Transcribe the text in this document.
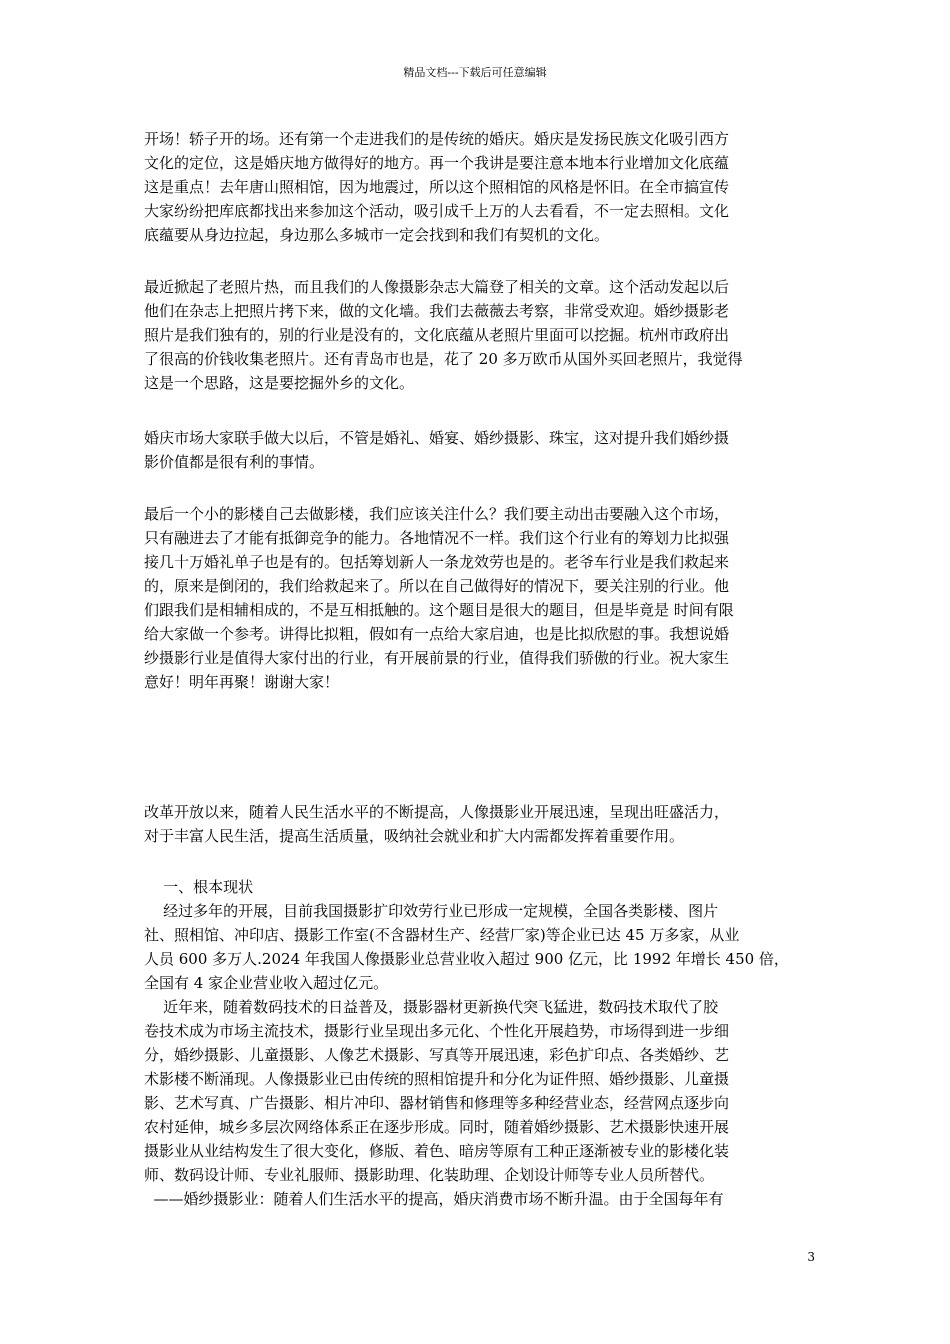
精品文档---下载后可任意编辑
开场！轿子开的场。还有第一个走进我们的是传统的婚庆。婚庆是发扬民族文化吸引西方
文化的定位，这是婚庆地方做得好的地方。再一个我讲是要注意本地本行业增加文化底蕴
这是重点！去年唐山照相馆，因为地震过，所以这个照相馆的风格是怀旧。在全市搞宣传
大家纷纷把库底都找出来参加这个活动，吸引成千上万的人去看看，不一定去照相。文化
底蕴要从身边拉起，身边那么多城市一定会找到和我们有契机的文化。
最近掀起了老照片热，而且我们的人像摄影杂志大篇登了相关的文章。这个活动发起以后
他们在杂志上把照片拷下来，做的文化墙。我们去薇薇去考察，非常受欢迎。婚纱摄影老
照片是我们独有的，别的行业是没有的，文化底蕴从老照片里面可以挖掘。杭州市政府出
了很高的价钱收集老照片。还有青岛市也是，花了 20 多万欧币从国外买回老照片，我觉得
这是一个思路，这是要挖掘外乡的文化。
婚庆市场大家联手做大以后，不管是婚礼、婚宴、婚纱摄影、珠宝，这对提升我们婚纱摄
影价值都是很有利的事情。
最后一个小的影楼自己去做影楼，我们应该关注什么？我们要主动出击要融入这个市场，
只有融进去了才能有抵御竞争的能力。各地情况不一样。我们这个行业有的筹划力比拟强
接几十万婚礼单子也是有的。包括筹划新人一条龙效劳也是的。老爷车行业是我们救起来
的，原来是倒闭的，我们给救起来了。所以在自己做得好的情况下，要关注别的行业。他
们跟我们是相辅相成的，不是互相抵触的。这个题目是很大的题目，但是毕竟是 时间有限
给大家做一个参考。讲得比拟粗，假如有一点给大家启迪，也是比拟欣慰的事。我想说婚
纱摄影行业是值得大家付出的行业，有开展前景的行业，值得我们骄傲的行业。祝大家生
意好！明年再聚！谢谢大家！
改革开放以来，随着人民生活水平的不断提高，人像摄影业开展迅速，呈现出旺盛活力，
对于丰富人民生活，提高生活质量，吸纳社会就业和扩大内需都发挥着重要作用。
一、根本现状
经过多年的开展，目前我国摄影扩印效劳行业已形成一定规模，全国各类影楼、图片
社、照相馆、冲印店、摄影工作室(不含器材生产、经营厂家)等企业已达 45 万多家，从业
人员 600 多万人.2024 年我国人像摄影业总营业收入超过 900 亿元，比 1992 年增长 450 倍，
全国有 4 家企业营业收入超过亿元。
近年来，随着数码技术的日益普及，摄影器材更新换代突飞猛进，数码技术取代了胶
卷技术成为市场主流技术，摄影行业呈现出多元化、个性化开展趋势，市场得到进一步细
分，婚纱摄影、儿童摄影、人像艺术摄影、写真等开展迅速，彩色扩印点、各类婚纱、艺
术影楼不断涌现。人像摄影业已由传统的照相馆提升和分化为证件照、婚纱摄影、儿童摄
影、艺术写真、广告摄影、相片冲印、器材销售和修理等多种经营业态，经营网点逐步向
农村延伸，城乡多层次网络体系正在逐步形成。同时，随着婚纱摄影、艺术摄影快速开展
摄影业从业结构发生了很大变化，修版、着色、暗房等原有工种正逐渐被专业的影楼化装
师、数码设计师、专业礼服师、摄影助理、化装助理、企划设计师等专业人员所替代。
——婚纱摄影业：随着人们生活水平的提高，婚庆消费市场不断升温。由于全国每年有
3
